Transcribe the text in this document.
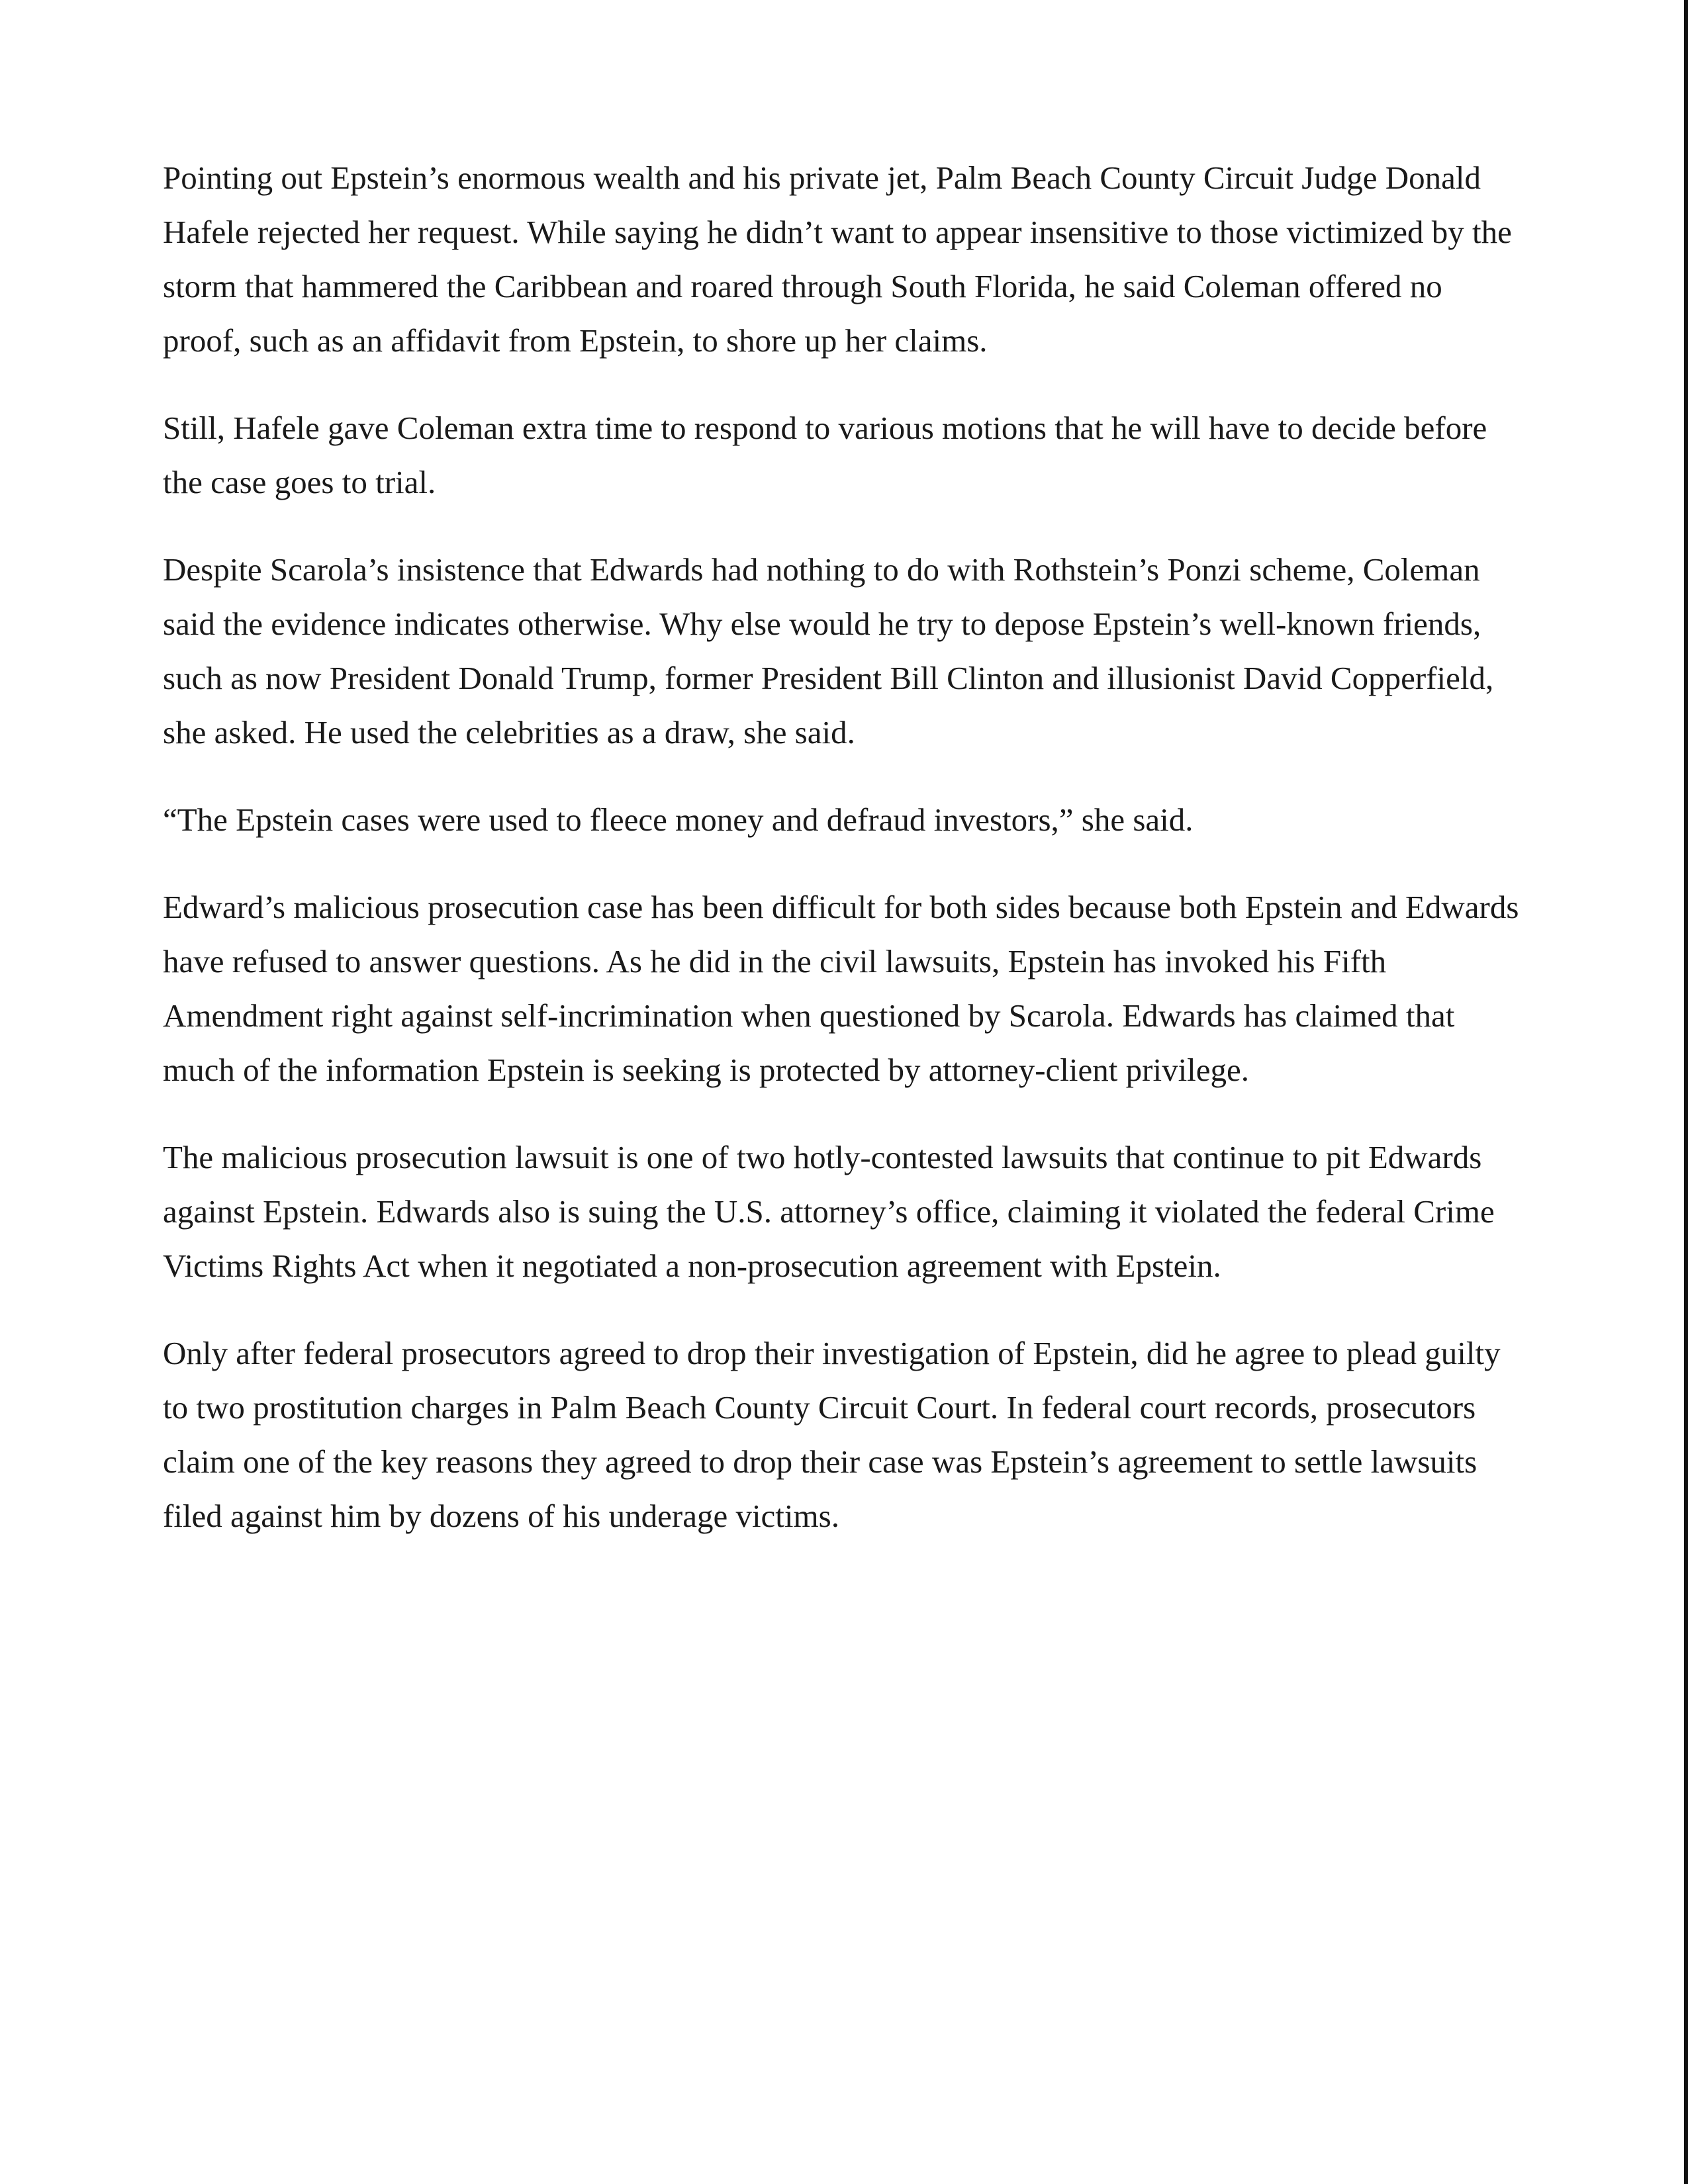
Pointing out Epstein’s enormous wealth and his private jet, Palm Beach County Circuit Judge Donald Hafele rejected her request. While saying he didn’t want to appear insensitive to those victimized by the storm that hammered the Caribbean and roared through South Florida, he said Coleman offered no proof, such as an affidavit from Epstein, to shore up her claims.

Still, Hafele gave Coleman extra time to respond to various motions that he will have to decide before the case goes to trial.

Despite Scarola’s insistence that Edwards had nothing to do with Rothstein’s Ponzi scheme, Coleman said the evidence indicates otherwise. Why else would he try to depose Epstein’s well-known friends, such as now President Donald Trump, former President Bill Clinton and illusionist David Copperfield, she asked. He used the celebrities as a draw, she said.

“The Epstein cases were used to fleece money and defraud investors,” she said.

Edward’s malicious prosecution case has been difficult for both sides because both Epstein and Edwards have refused to answer questions. As he did in the civil lawsuits, Epstein has invoked his Fifth Amendment right against self-incrimination when questioned by Scarola. Edwards has claimed that much of the information Epstein is seeking is protected by attorney-client privilege.

The malicious prosecution lawsuit is one of two hotly-contested lawsuits that continue to pit Edwards against Epstein. Edwards also is suing the U.S. attorney’s office, claiming it violated the federal Crime Victims Rights Act when it negotiated a non-prosecution agreement with Epstein.

Only after federal prosecutors agreed to drop their investigation of Epstein, did he agree to plead guilty to two prostitution charges in Palm Beach County Circuit Court. In federal court records, prosecutors claim one of the key reasons they agreed to drop their case was Epstein’s agreement to settle lawsuits filed against him by dozens of his underage victims.
